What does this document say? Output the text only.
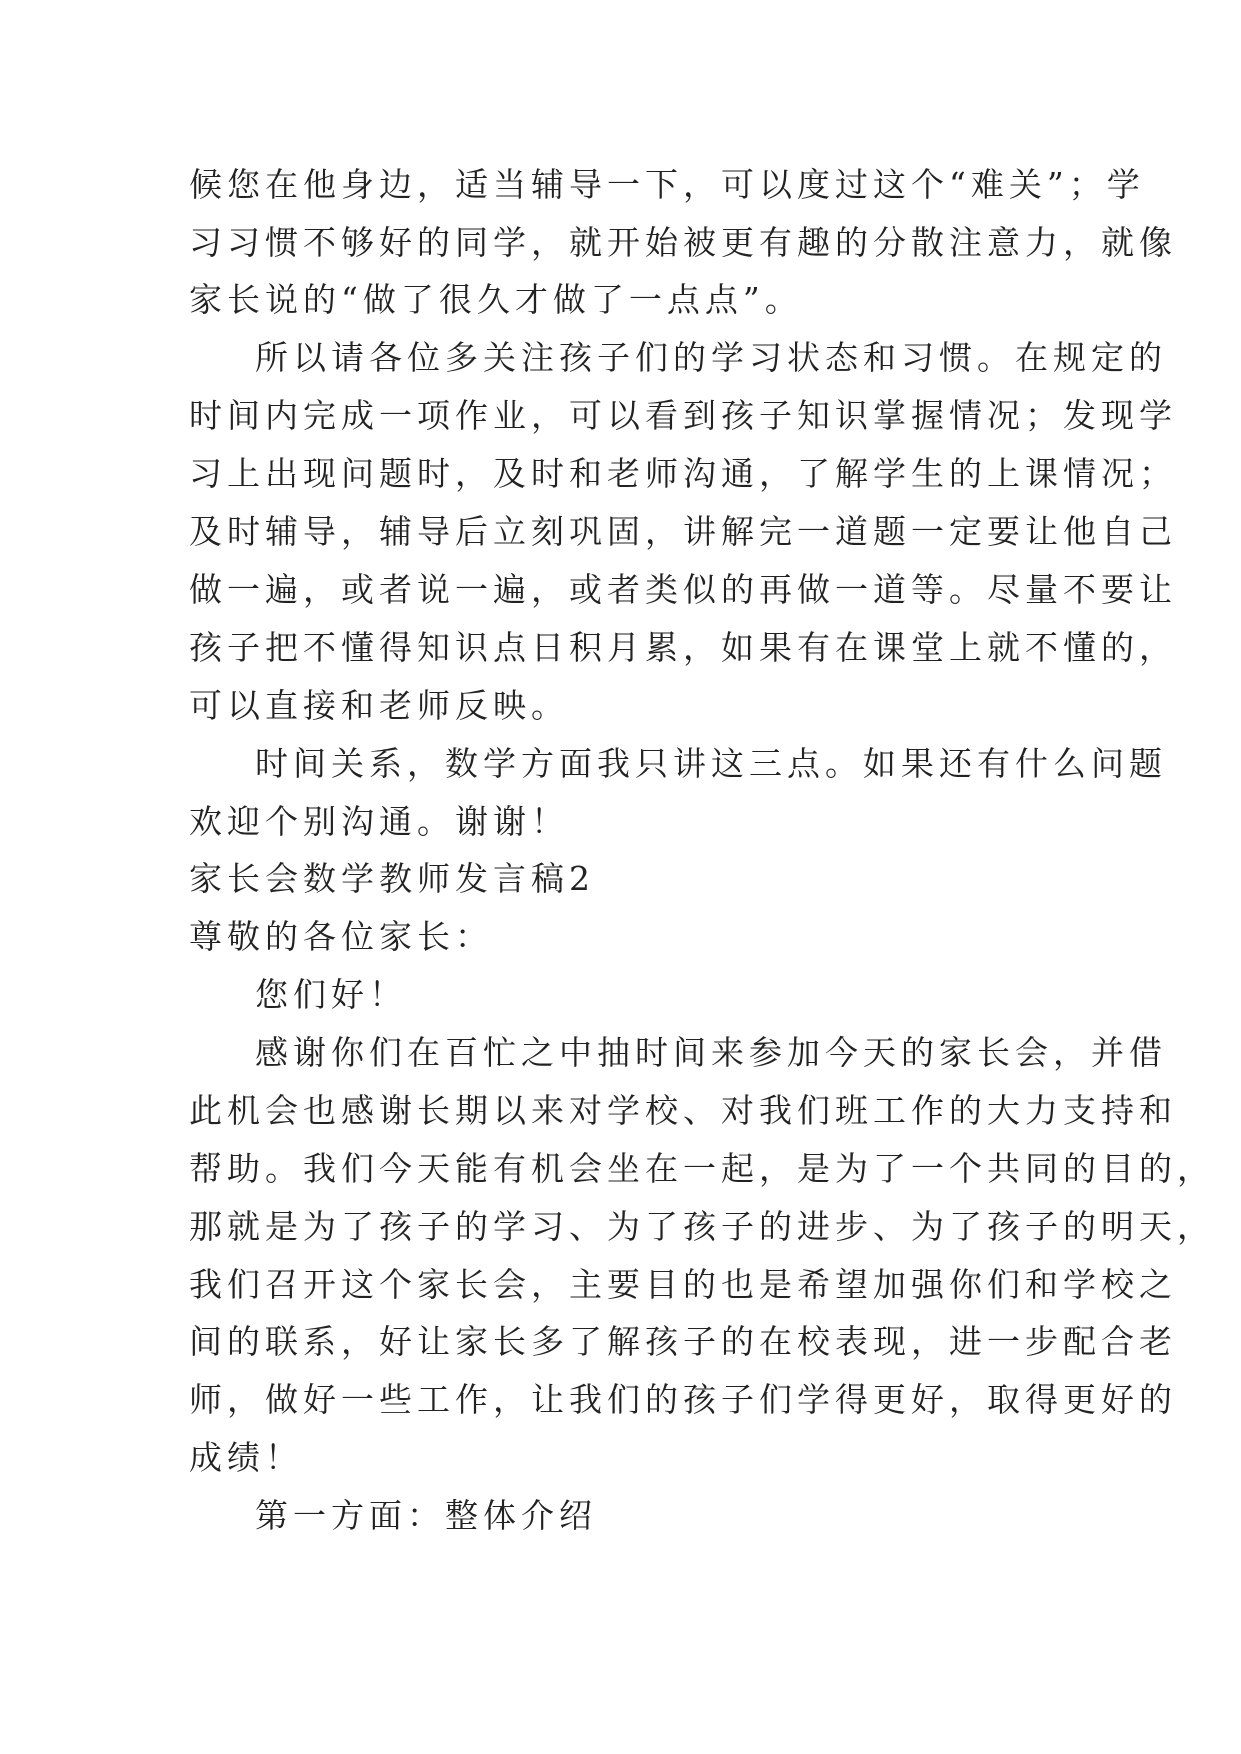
候您在他身边，适当辅导一下，可以度过这个“难关”；学
习习惯不够好的同学，就开始被更有趣的分散注意力，就像
家长说的“做了很久才做了一点点”。
所以请各位多关注孩子们的学习状态和习惯。在规定的
时间内完成一项作业，可以看到孩子知识掌握情况；发现学
习上出现问题时，及时和老师沟通，了解学生的上课情况；
及时辅导，辅导后立刻巩固，讲解完一道题一定要让他自己
做一遍，或者说一遍，或者类似的再做一道等。尽量不要让
孩子把不懂得知识点日积月累，如果有在课堂上就不懂的，
可以直接和老师反映。
时间关系，数学方面我只讲这三点。如果还有什么问题
欢迎个别沟通。谢谢！
家长会数学教师发言稿2
尊敬的各位家长：
您们好！
感谢你们在百忙之中抽时间来参加今天的家长会，并借
此机会也感谢长期以来对学校、对我们班工作的大力支持和
帮助。我们今天能有机会坐在一起，是为了一个共同的目的，
那就是为了孩子的学习、为了孩子的进步、为了孩子的明天，
我们召开这个家长会，主要目的也是希望加强你们和学校之
间的联系，好让家长多了解孩子的在校表现，进一步配合老
师，做好一些工作，让我们的孩子们学得更好，取得更好的
成绩！
第一方面：整体介绍
